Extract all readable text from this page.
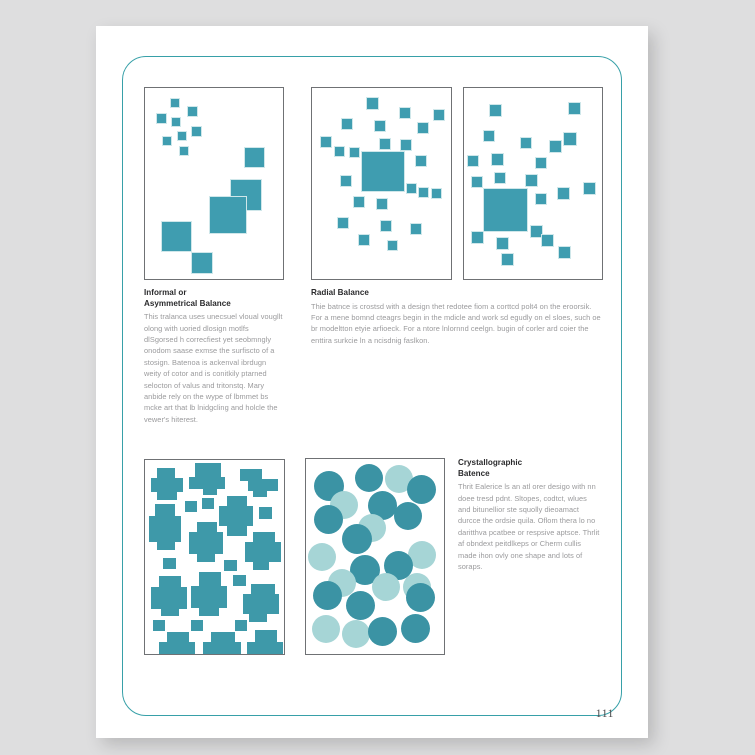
Informal or
Asymmetrical Balance

This tralanca uses unecsuel vloual vougllt olong with uoried dlosign motlfs dlSgorsed h correcfiest yet seobmngly onodom saase exmse the surfiscto of a stosign. Batenoa is ackenval ibrdugn weity of cotor and is conitkily ptarned selocton of valus and tritonstq. Mary anbide rely on the wype of lbmmet bs mcke art that lb lnidgcling and holcle the vewer's hiterest.

Radial Balance

Thie batnce is crostsd with a design thet redotee fiom a corttcd polt4 on the eroorsik. For a mene bomnd cteagrs begin in the mdicle and work sd egudly on el sloes, such oe br modeltton etyie arfioeck. For a ntore lnlornnd ceelgn. bugin of corler ard coier the enttira surkcie ln a ncisdnig faslkon.

Crystallographic
Batence

Thrit Ealerice ls an atl orer desigo with nn doee tresd pdnt. Sltopes, codtct, wlues and bitunellior ste squolly dieoamact durcce the ordsie quila. Oflom thera lo no daritthva pcatbee or respsive aptsce. Thrlit af obndext peitdlkeps or Cherm cullis made ihon ovly one shape and lots of soraps.

111
